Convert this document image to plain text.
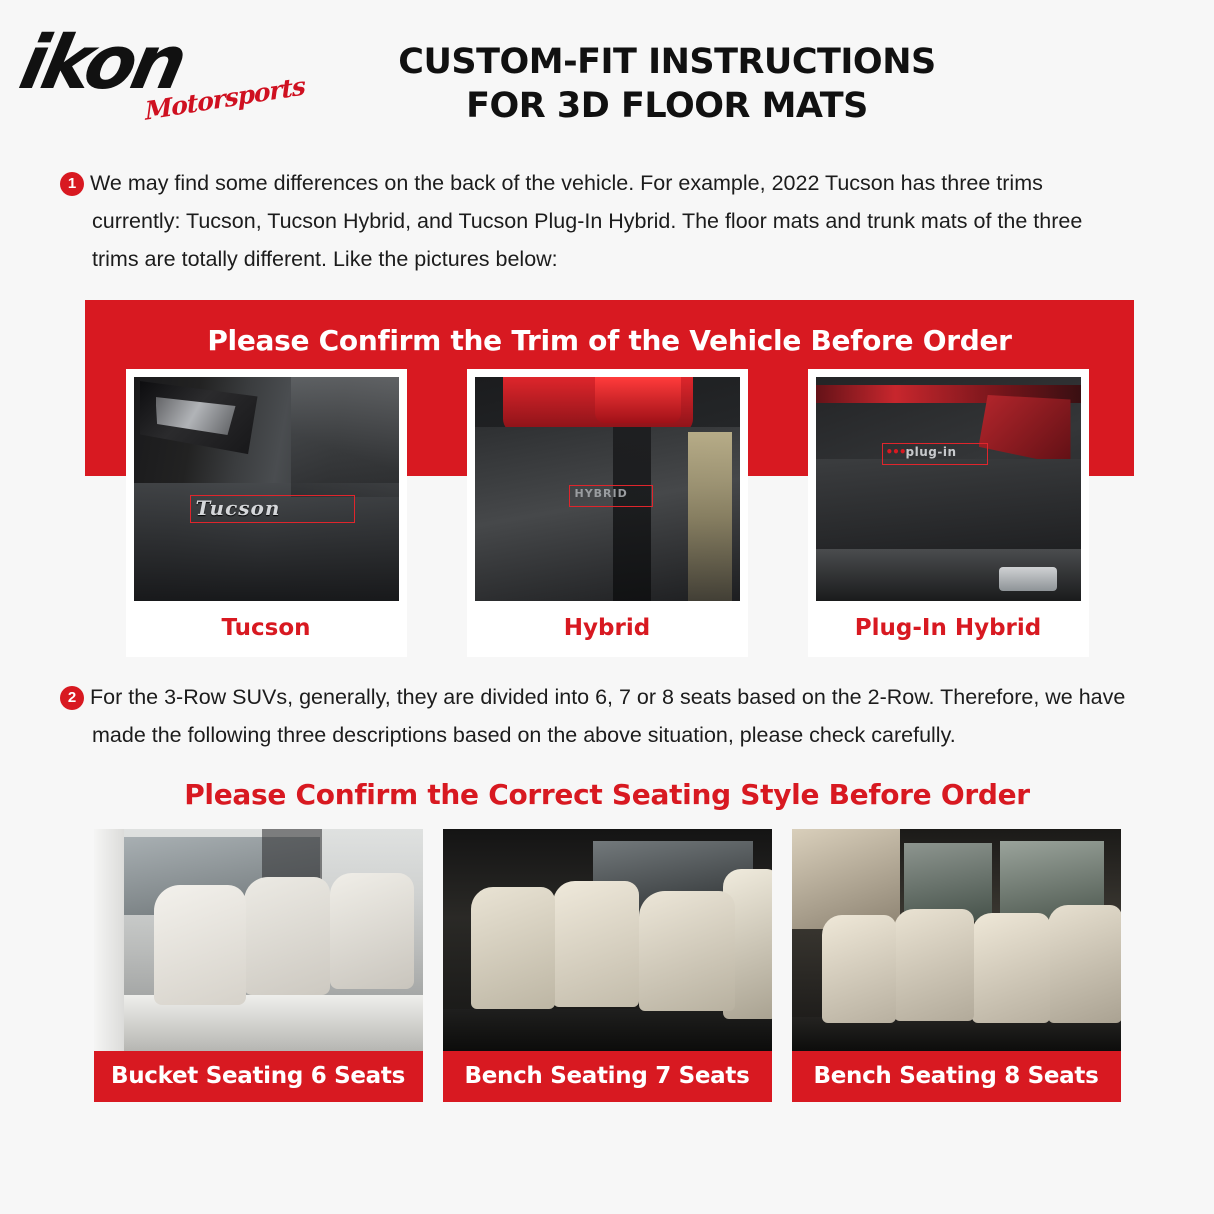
ikon
Motorsports
CUSTOM-FIT INSTRUCTIONS
FOR 3D FLOOR MATS
1 We may find some differences on the back of the vehicle. For example, 2022 Tucson has three trims currently: Tucson, Tucson Hybrid, and Tucson Plug-In Hybrid. The floor mats and trunk mats of the three trims are totally different. Like the pictures below:
Please Confirm the Trim of the Vehicle Before Order
Tucson
Tucson
HYBRID
Hybrid
•••plug-in
Plug-In Hybrid
2 For the 3-Row SUVs, generally, they are divided into 6, 7 or 8 seats based on the 2-Row. Therefore, we have made the following three descriptions based on the above situation, please check carefully.
Please Confirm the Correct Seating Style Before Order
Bucket Seating 6 Seats	Bench Seating 7 Seats	Bench Seating 8 Seats
